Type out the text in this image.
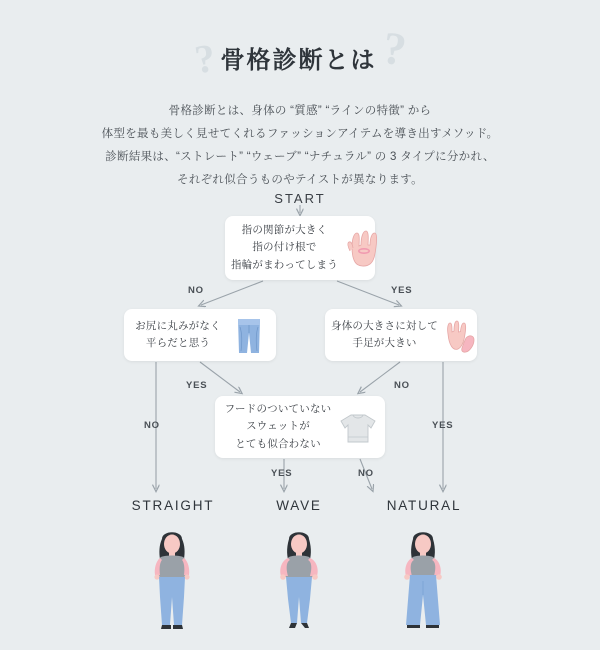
? 骨格診断とは ?
骨格診断とは、身体の “質感” “ラインの特徴” から
体型を最も美しく見せてくれるファッションアイテムを導き出すメソッド。
診断結果は、“ストレート” “ウェーブ” “ナチュラル” の 3 タイプに分かれ、
それぞれ似合うものやテイストが異なります。
START
NO	YES
YES
NO
NO
YES
YES	NO
指の関節が大きく
指の付け根で
指輪がまわってしまう
お尻に丸みがなく
平らだと思う
身体の大きさに対して
手足が大きい
フードのついていない
スウェットが
とても似合わない
STRAIGHT	WAVE	NATURAL
